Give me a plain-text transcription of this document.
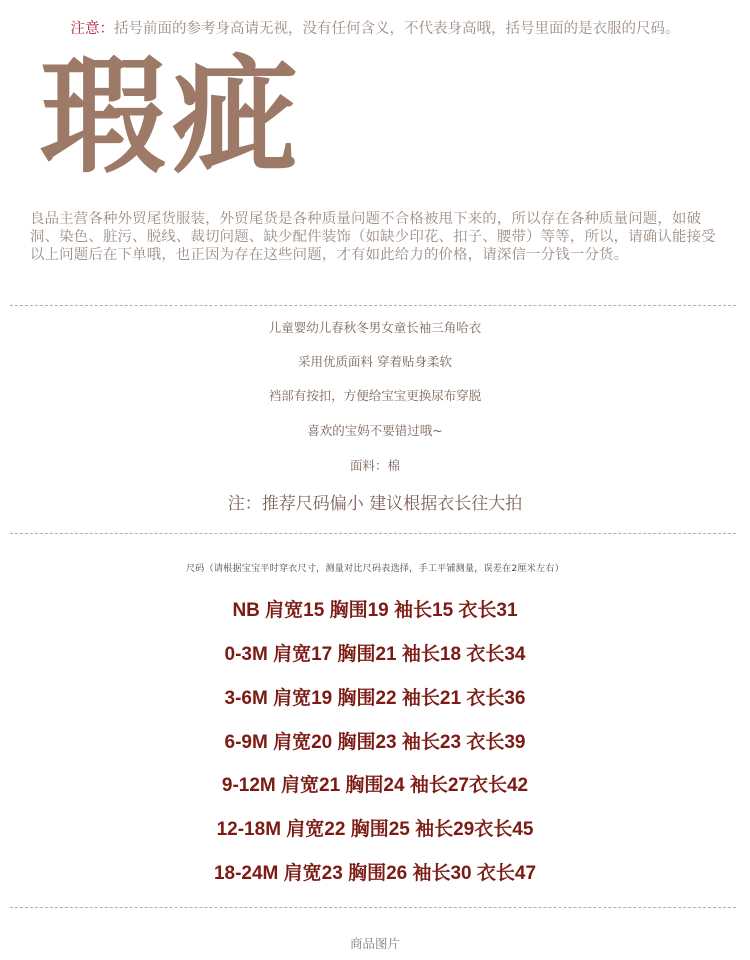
注意：括号前面的参考身高请无视，没有任何含义，不代表身高哦，括号里面的是衣服的尺码。
瑕疵
良品主营各种外贸尾货服装，外贸尾货是各种质量问题不合格被甩下来的，所以存在各种质量问题，如破洞、染色、脏污、脱线、裁切问题、缺少配件装饰（如缺少印花、扣子、腰带）等等，所以，请确认能接受以上问题后在下单哦，也正因为存在这些问题，才有如此给力的价格，请深信一分钱一分货。
儿童婴幼儿春秋冬男女童长袖三角哈衣
采用优质面料 穿着贴身柔软
裆部有按扣，方便给宝宝更换尿布穿脱
喜欢的宝妈不要错过哦~
面料：棉
注：推荐尺码偏小 建议根据衣长往大拍
尺码（请根据宝宝平时穿衣尺寸，测量对比尺码表选择，手工平铺测量，误差在2厘米左右）
NB 肩宽15 胸围19 袖长15 衣长31
0-3M 肩宽17 胸围21 袖长18 衣长34
3-6M 肩宽19 胸围22 袖长21 衣长36
6-9M 肩宽20 胸围23 袖长23 衣长39
9-12M 肩宽21 胸围24 袖长27衣长42
12-18M 肩宽22 胸围25 袖长29衣长45
18-24M 肩宽23 胸围26 袖长30 衣长47
商品图片
